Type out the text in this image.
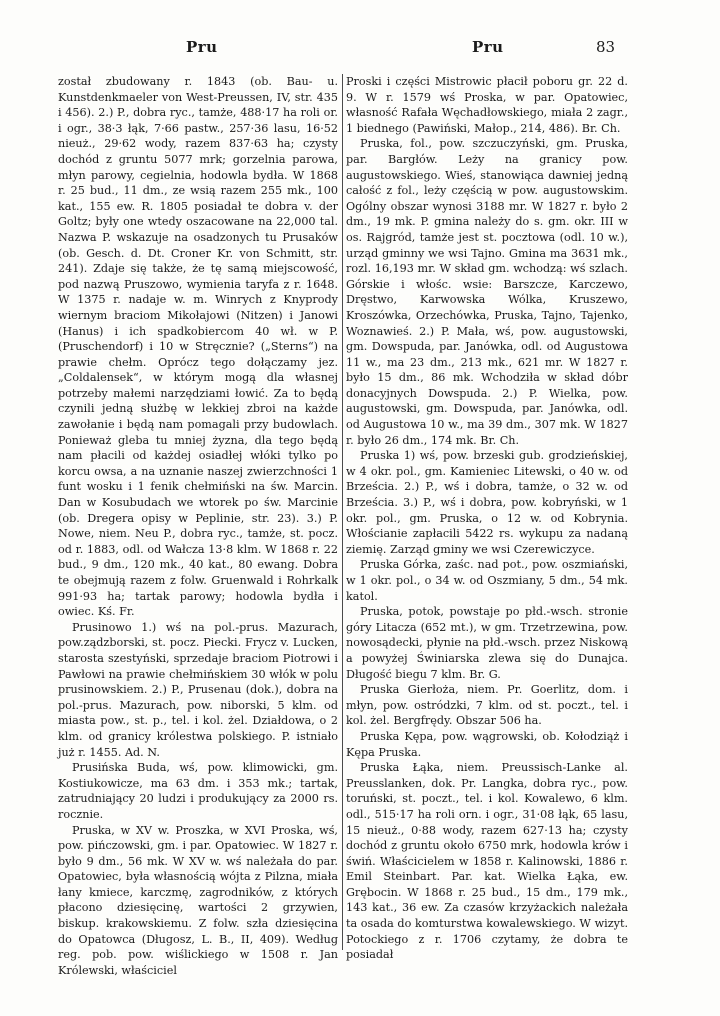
Pru	Pru	83

został zbudowany r. 1843 (ob. Bau- u. Kunstdenkmaeler von West-Preussen, IV, str. 435 i 456). 2.) P., dobra ryc., tamże, 488·17 ha roli or. i ogr., 38·3 łąk, 7·66 pastw., 257·36 lasu, 16·52 nieuż., 29·62 wody, razem 837·63 ha; czysty dochód z gruntu 5077 mrk; gorzelnia parowa, młyn parowy, cegielnia, hodowla bydła. W 1868 r. 25 bud., 11 dm., ze wsią razem 255 mk., 100 kat., 155 ew. R. 1805 posiadał te dobra v. der Goltz; były one wtedy oszacowane na 22,000 tal. Nazwa P. wskazuje na osadzonych tu Prusaków (ob. Gesch. d. Dt. Croner Kr. von Schmitt, str. 241). Zdaje się także, że tę samą miejscowość, pod nazwą Pruszowo, wymienia taryfa z r. 1648. W 1375 r. nadaje w. m. Winrych z Knyprody wiernym braciom Mikołajowi (Nitzen) i Janowi (Hanus) i ich spadkobiercom 40 wł. w P. (Pruschendorf) i 10 w Stręcznie? („Sterns“) na prawie chełm. Oprócz tego dołączamy jez. „Coldalensek“, w którym mogą dla własnej potrzeby małemi narzędziami łowić. Za to będą czynili jedną służbę w lekkiej zbroi na każde zawołanie i będą nam pomagali przy budowlach. Ponieważ gleba tu mniej żyzna, dla tego będą nam płacili od każdej osiadłej włóki tylko po korcu owsa, a na uznanie naszej zwierzchności 1 funt wosku i 1 fenik chełmiński na św. Marcin. Dan w Kosubudach we wtorek po św. Marcinie (ob. Dregera opisy w Peplinie, str. 23). 3.) P. Nowe, niem. Neu P., dobra ryc., tamże, st. pocz. od r. 1883, odl. od Wałcza 13·8 klm. W 1868 r. 22 bud., 9 dm., 120 mk., 40 kat., 80 ewang. Dobra te obejmują razem z folw. Gruenwald i Rohrkalk 991·93 ha; tartak parowy; hodowla bydła i owiec. Kś. Fr.

Prusinowo 1.) wś na pol.-prus. Mazurach, pow.ządzborski, st. pocz. Piecki. Frycz v. Lucken, starosta szestyński, sprzedaje braciom Piotrowi i Pawłowi na prawie chełmińskiem 30 włók w polu prusinowskiem. 2.) P., Prusenau (dok.), dobra na pol.-prus. Mazurach, pow. niborski, 5 klm. od miasta pow., st. p., tel. i kol. żel. Działdowa, o 2 klm. od granicy królestwa polskiego. P. istniało już r. 1455. Ad. N.

Prusińska Buda, wś, pow. klimowicki, gm. Kostiukowicze, ma 63 dm. i 353 mk.; tartak, zatrudniający 20 ludzi i produkujący za 2000 rs. rocznie.

Pruska, w XV w. Proszka, w XVI Proska, wś, pow. pińczowski, gm. i par. Opatowiec. W 1827 r. było 9 dm., 56 mk. W XV w. wś należała do par. Opatowiec, była własnością wójta z Pilzna, miała łany kmiece, karczmę, zagrodników, z których płacono dziesięcinę, wartości 2 grzywien, biskup. krakowskiemu. Z folw. szła dziesięcina do Opatowca (Długosz, L. B., II, 409). Według reg. pob. pow. wiślickiego w 1508 r. Jan Królewski, właściciel

Proski i części Mistrowic płacił poboru gr. 22 d. 9. W r. 1579 wś Proska, w par. Opatowiec, własność Rafała Węchadłowskiego, miała 2 zagr., 1 biednego (Pawiński, Małop., 214, 486). Br. Ch.

Pruska, fol., pow. szczuczyński, gm. Pruska, par. Bargłów. Leży na granicy pow. augustowskiego. Wieś, stanowiąca dawniej jedną całość z fol., leży częścią w pow. augustowskim. Ogólny obszar wynosi 3188 mr. W 1827 r. było 2 dm., 19 mk. P. gmina należy do s. gm. okr. III w os. Rajgród, tamże jest st. pocztowa (odl. 10 w.), urząd gminny we wsi Tajno. Gmina ma 3631 mk., rozl. 16,193 mr. W skład gm. wchodzą: wś szlach. Górskie i włośc. wsie: Barszcze, Karczewo, Dręstwo, Karwowska Wólka, Kruszewo, Kroszówka, Orzechówka, Pruska, Tajno, Tajenko, Woznawieś. 2.) P. Mała, wś, pow. augustowski, gm. Dowspuda, par. Janówka, odl. od Augustowa 11 w., ma 23 dm., 213 mk., 621 mr. W 1827 r. było 15 dm., 86 mk. Wchodziła w skład dóbr donacyjnych Dowspuda. 2.) P. Wielka, pow. augustowski, gm. Dowspuda, par. Janówka, odl. od Augustowa 10 w., ma 39 dm., 307 mk. W 1827 r. było 26 dm., 174 mk. Br. Ch.

Pruska 1) wś, pow. brzeski gub. grodzieńskiej, w 4 okr. pol., gm. Kamieniec Litewski, o 40 w. od Brześcia. 2.) P., wś i dobra, tamże, o 32 w. od Brześcia. 3.) P., wś i dobra, pow. kobryński, w 1 okr. pol., gm. Pruska, o 12 w. od Kobrynia. Włościanie zapłacili 5422 rs. wykupu za nadaną ziemię. Zarząd gminy we wsi Czerewiczyce.

Pruska Górka, zaśc. nad pot., pow. oszmiański, w 1 okr. pol., o 34 w. od Oszmiany, 5 dm., 54 mk. katol.

Pruska, potok, powstaje po płd.-wsch. stronie góry Litacza (652 mt.), w gm. Trzetrzewina, pow. nowosądecki, płynie na płd.-wsch. przez Niskową a powyżej Świniarska zlewa się do Dunajca. Długość biegu 7 klm. Br. G.

Pruska Gierłoża, niem. Pr. Goerlitz, dom. i młyn, pow. ostródzki, 7 klm. od st. poczt., tel. i kol. żel. Bergfrędy. Obszar 506 ha.

Pruska Kępa, pow. wągrowski, ob. Kołodziąż i Kępa Pruska.

Pruska Łąka, niem. Preussisch-Lanke al. Preusslanken, dok. Pr. Langka, dobra ryc., pow. toruński, st. poczt., tel. i kol. Kowalewo, 6 klm. odl., 515·17 ha roli orn. i ogr., 31·08 łąk, 65 lasu, 15 nieuż., 0·88 wody, razem 627·13 ha; czysty dochód z gruntu około 6750 mrk, hodowla krów i świń. Właścicielem w 1858 r. Kalinowski, 1886 r. Emil Steinbart. Par. kat. Wielka Łąka, ew. Grębocin. W 1868 r. 25 bud., 15 dm., 179 mk., 143 kat., 36 ew. Za czasów krzyżackich należała ta osada do komturstwa kowalewskiego. W wizyt. Potockiego z r. 1706 czytamy, że dobra te posiadał
